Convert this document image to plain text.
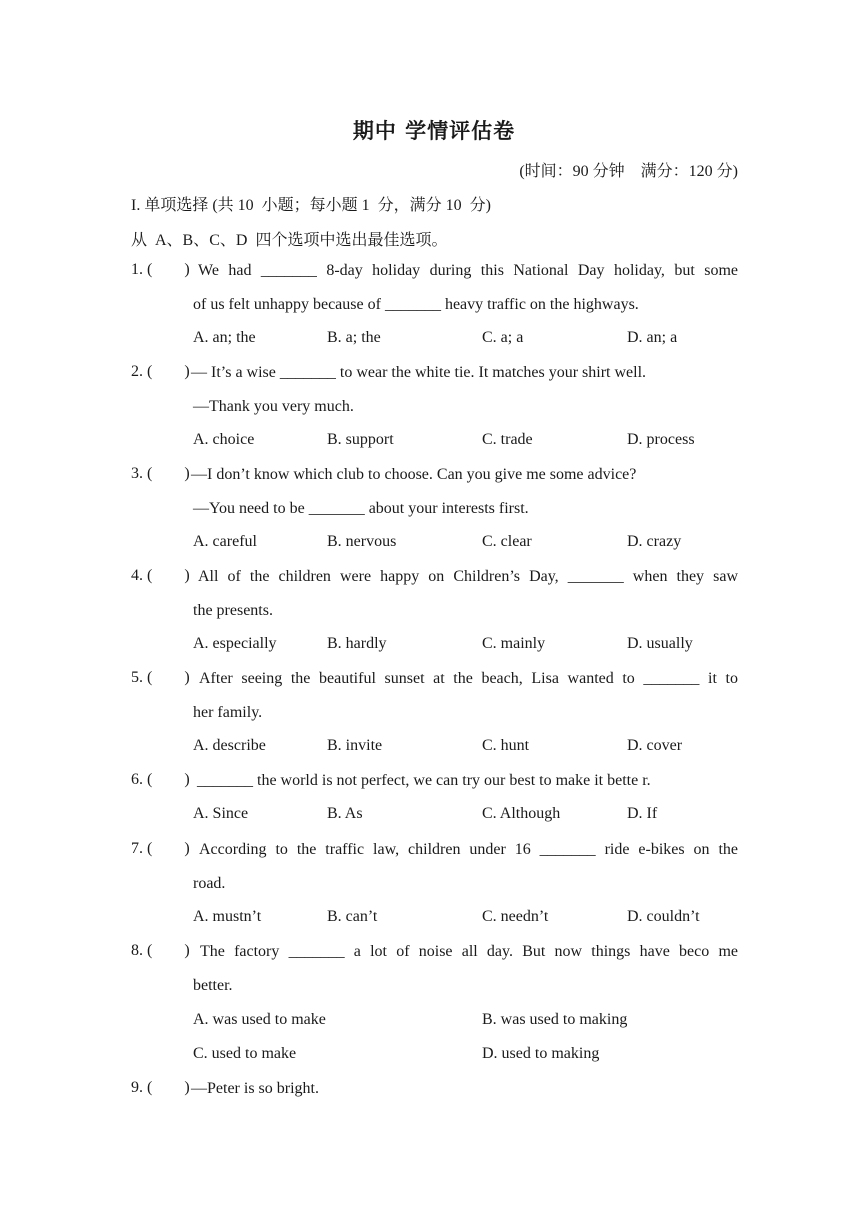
期中 学情评估卷
(时间：90 分钟    满分：120 分)
I. 单项选择 (共 10  小题；每小题 1  分，满分 10  分)
从  A、B、C、D  四个选项中选出最佳选项。
1. (        ) We had _______ 8-day holiday during this National Day holiday, but some
of us felt unhappy because of _______ heavy traffic on the highways.
A. an; the	B. a; the	C. a; a	D. an; a
2. (        ) — It’s a wise _______ to wear the white tie. It matches your shirt well.
—Thank you very much.
A. choice	B. support	C. trade	D. process
3. (        ) —I don’t know which club to choose. Can you give me some advice?
—You need to be _______ about your interests first.
A. careful	B. nervous	C. clear	D. crazy
4. (        ) All of the children were happy on Children’s Day, _______ when they saw
the presents.
A. especially	B. hardly	C. mainly	D. usually
5. (        ) After seeing the beautiful sunset at the beach, Lisa wanted to _______ it to
her family.
A. describe	B. invite	C. hunt	D. cover
6. (        ) _______ the world is not perfect, we can try our best to make it bette r.
A. Since	B. As	C. Although	D. If
7. (        ) According to the traffic law, children under 16 _______ ride e-bikes on the
road.
A. mustn’t	B. can’t	C. needn’t	D. couldn’t
8. (        ) The factory _______ a lot of noise all day. But now things have beco me
better.
A. was used to make	B. was used to making
C. used to make	D. used to making
9. (        ) —Peter is so bright.
